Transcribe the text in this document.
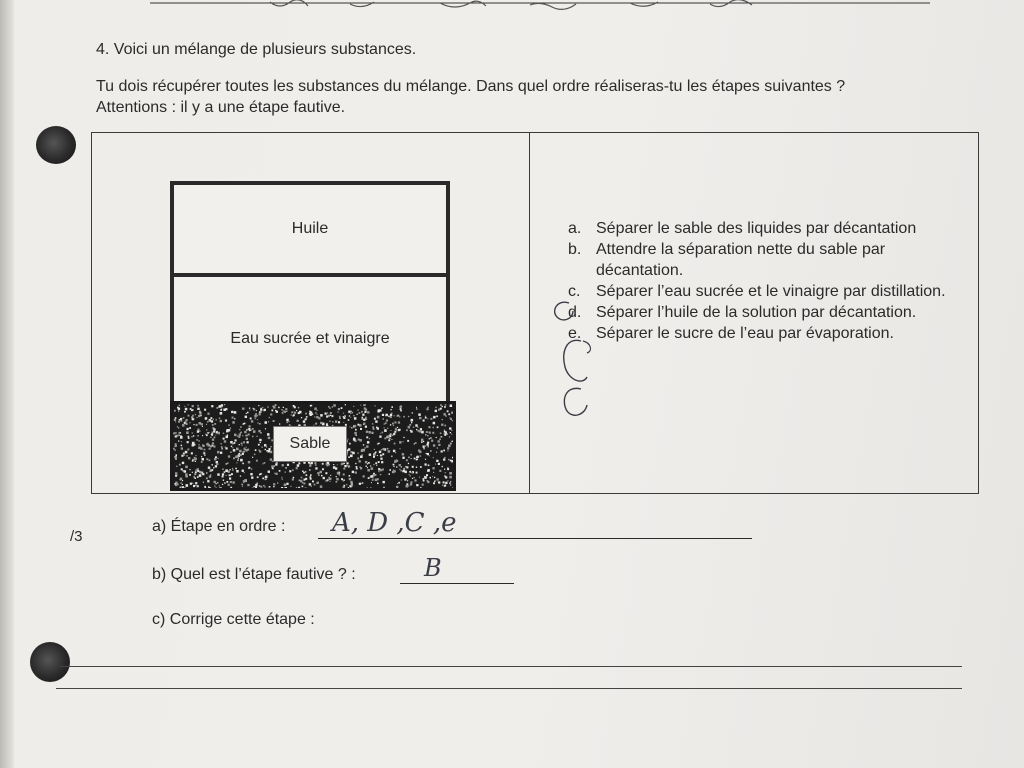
4. Voici un mélange de plusieurs substances.
Tu dois récupérer toutes les substances du mélange. Dans quel ordre réaliseras-tu les étapes suivantes ?
Attentions : il y a une étape fautive.
Huile
Eau sucrée et vinaigre
Sable
a. Séparer le sable des liquides par décantation
b. Attendre la séparation nette du sable par décantation.
c. Séparer l’eau sucrée et le vinaigre par distillation.
d. Séparer l’huile de la solution par décantation.
e. Séparer le sucre de l’eau par évaporation.
/3
a) Étape en ordre : A, D ,C ,e
b) Quel est l’étape fautive ? :	B
c) Corrige cette étape :
